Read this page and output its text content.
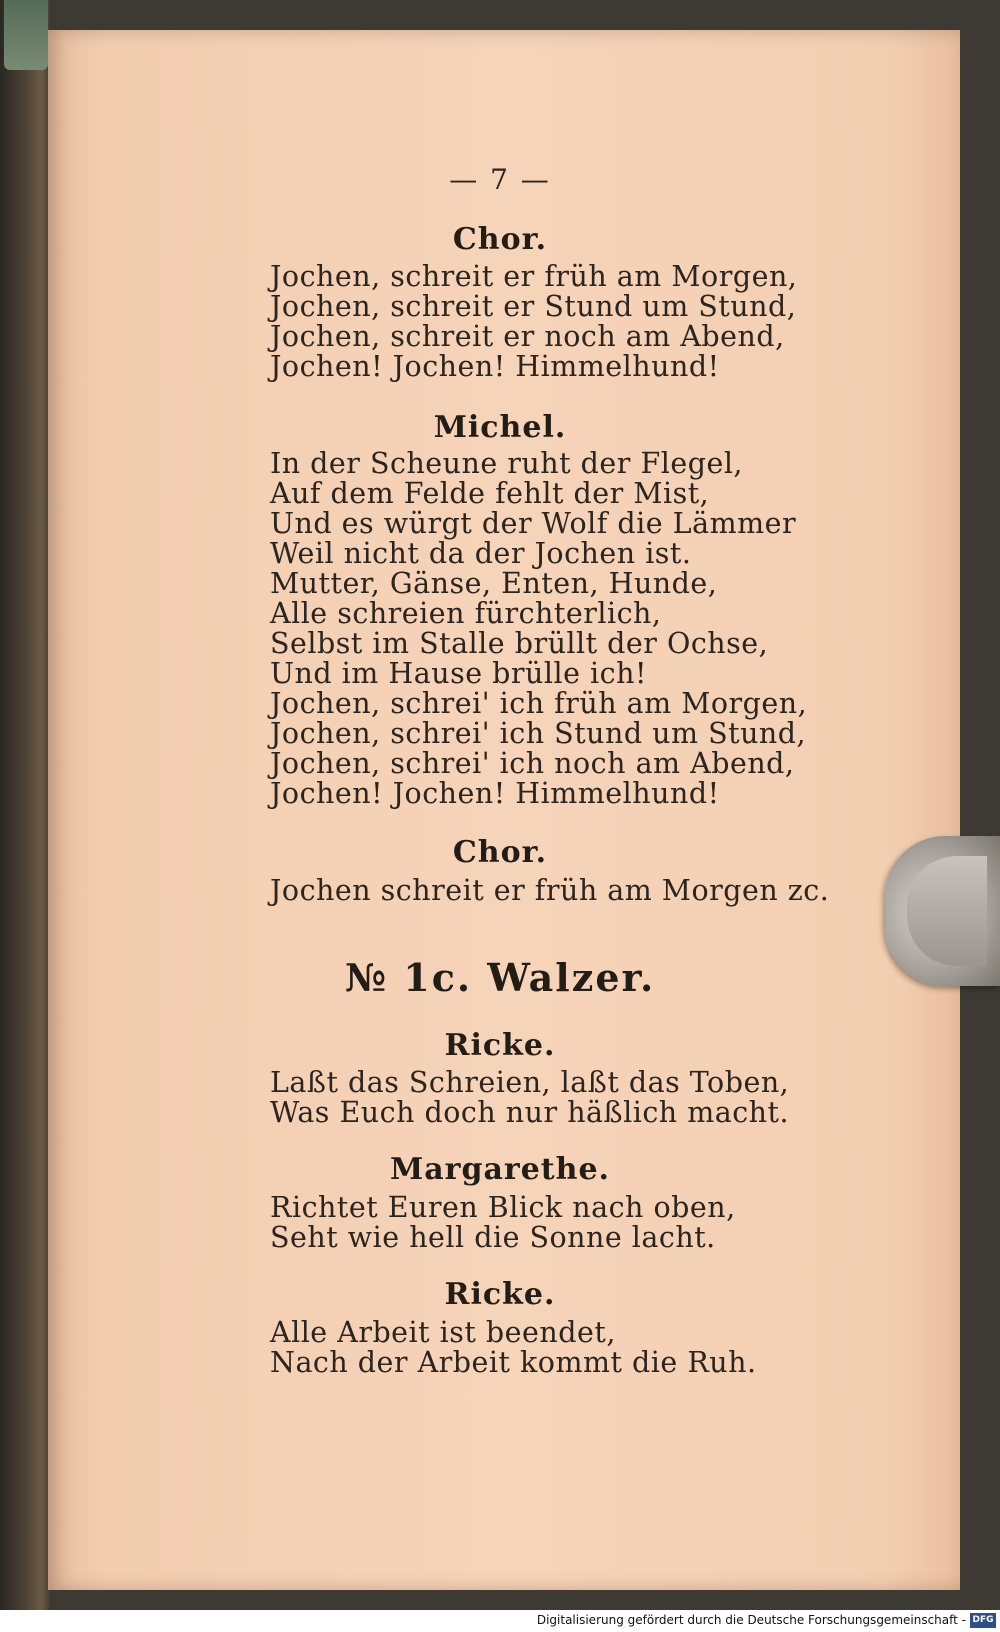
— 7 —
Chor.
Jochen, schreit er früh am Morgen,
Jochen, schreit er Stund um Stund,
Jochen, schreit er noch am Abend,
Jochen! Jochen! Himmelhund!
Michel.
In der Scheune ruht der Flegel,
Auf dem Felde fehlt der Mist,
Und es würgt der Wolf die Lämmer
Weil nicht da der Jochen ist.
Mutter, Gänse, Enten, Hunde,
Alle schreien fürchterlich,
Selbst im Stalle brüllt der Ochse,
Und im Hause brülle ich!
Jochen, schrei' ich früh am Morgen,
Jochen, schrei' ich Stund um Stund,
Jochen, schrei' ich noch am Abend,
Jochen! Jochen! Himmelhund!
Chor.
Jochen schreit er früh am Morgen zc.
№ 1c. Walzer.
Ricke.
Laßt das Schreien, laßt das Toben,
Was Euch doch nur häßlich macht.
Margarethe.
Richtet Euren Blick nach oben,
Seht wie hell die Sonne lacht.
Ricke.
Alle Arbeit ist beendet,
Nach der Arbeit kommt die Ruh.
Digitalisierung gefördert durch die Deutsche Forschungsgemeinschaft - DFG
